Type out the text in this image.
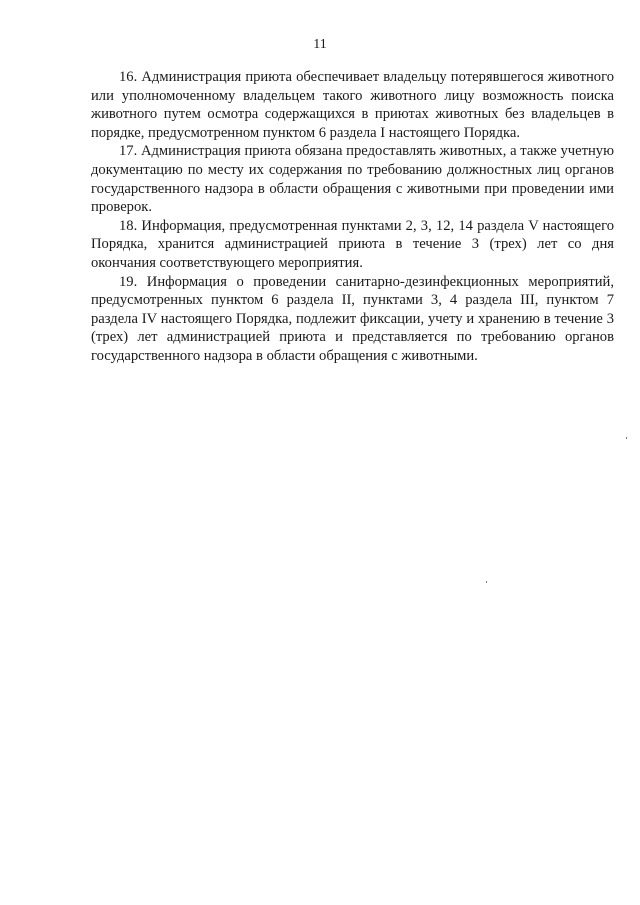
11

16. Администрация приюта обеспечивает владельцу потерявшегося животного или уполномоченному владельцем такого животного лицу возможность поиска животного путем осмотра содержащихся в приютах животных без владельцев в порядке, предусмотренном пунктом 6 раздела I настоящего Порядка.

17. Администрация приюта обязана предоставлять животных, а также учетную документацию по месту их содержания по требованию должностных лиц органов государственного надзора в области обращения с животными при проведении ими проверок.

18. Информация, предусмотренная пунктами 2, 3, 12, 14 раздела V настоящего Порядка, хранится администрацией приюта в течение 3 (трех) лет со дня окончания соответствующего мероприятия.

19. Информация о проведении санитарно-дезинфекционных мероприятий, предусмотренных пунктом 6 раздела II, пунктами 3, 4 раздела III, пунктом 7 раздела IV настоящего Порядка, подлежит фиксации, учету и хранению в течение 3 (трех) лет администрацией приюта и представляется по требованию органов государственного надзора в области обращения с животными.
